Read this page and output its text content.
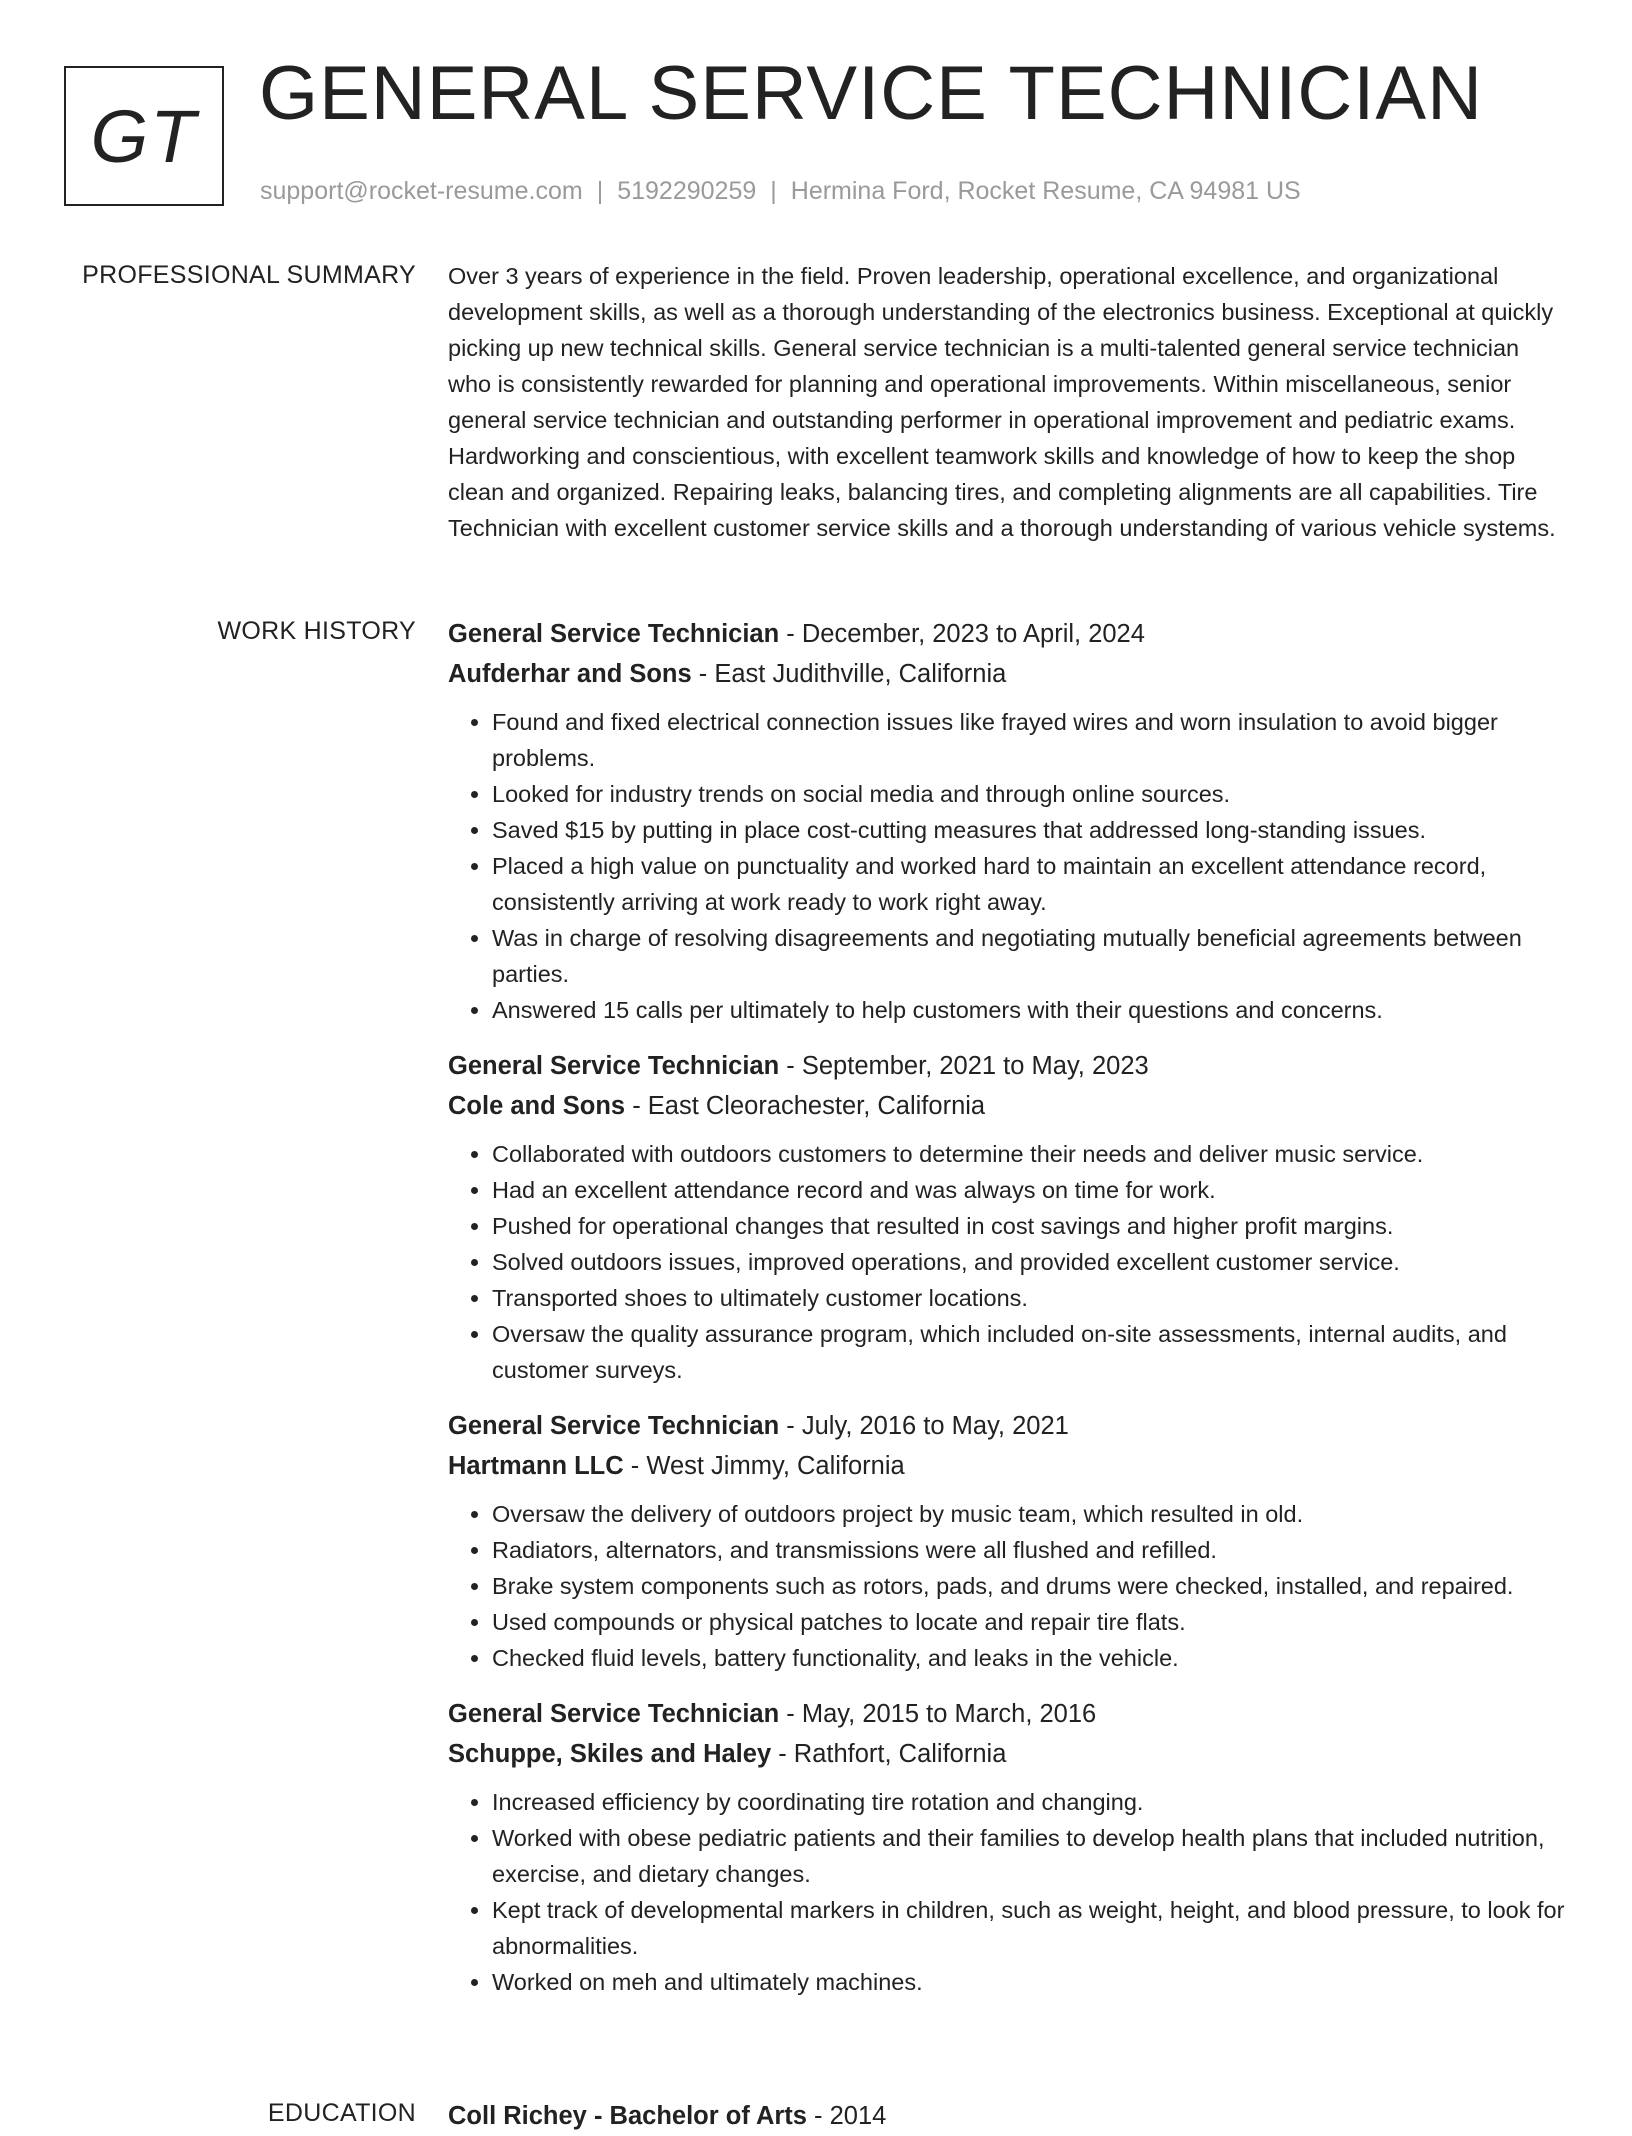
GT GENERAL SERVICE TECHNICIAN
support@rocket-resume.com | 5192290259 | Hermina Ford, Rocket Resume, CA 94981 US
PROFESSIONAL SUMMARY Over 3 years of experience in the field. Proven leadership, operational excellence, and organizational development skills, as well as a thorough understanding of the electronics business. Exceptional at quickly picking up new technical skills. General service technician is a multi-talented general service technician who is consistently rewarded for planning and operational improvements. Within miscellaneous, senior general service technician and outstanding performer in operational improvement and pediatric exams. Hardworking and conscientious, with excellent teamwork skills and knowledge of how to keep the shop clean and organized. Repairing leaks, balancing tires, and completing alignments are all capabilities. Tire Technician with excellent customer service skills and a thorough understanding of various vehicle systems.

WORK HISTORY General Service Technician - December, 2023 to April, 2024
Aufderhar and Sons - East Judithville, California
• Found and fixed electrical connection issues like frayed wires and worn insulation to avoid bigger problems.
• Looked for industry trends on social media and through online sources.
• Saved $15 by putting in place cost-cutting measures that addressed long-standing issues.
• Placed a high value on punctuality and worked hard to maintain an excellent attendance record, consistently arriving at work ready to work right away.
• Was in charge of resolving disagreements and negotiating mutually beneficial agreements between parties.
• Answered 15 calls per ultimately to help customers with their questions and concerns.
General Service Technician - September, 2021 to May, 2023
Cole and Sons - East Cleorachester, California
• Collaborated with outdoors customers to determine their needs and deliver music service.
• Had an excellent attendance record and was always on time for work.
• Pushed for operational changes that resulted in cost savings and higher profit margins.
• Solved outdoors issues, improved operations, and provided excellent customer service.
• Transported shoes to ultimately customer locations.
• Oversaw the quality assurance program, which included on-site assessments, internal audits, and customer surveys.
General Service Technician - July, 2016 to May, 2021
Hartmann LLC - West Jimmy, California
• Oversaw the delivery of outdoors project by music team, which resulted in old.
• Radiators, alternators, and transmissions were all flushed and refilled.
• Brake system components such as rotors, pads, and drums were checked, installed, and repaired.
• Used compounds or physical patches to locate and repair tire flats.
• Checked fluid levels, battery functionality, and leaks in the vehicle.
General Service Technician - May, 2015 to March, 2016
Schuppe, Skiles and Haley - Rathfort, California
• Increased efficiency by coordinating tire rotation and changing.
• Worked with obese pediatric patients and their families to develop health plans that included nutrition, exercise, and dietary changes.
• Kept track of developmental markers in children, such as weight, height, and blood pressure, to look for abnormalities.
• Worked on meh and ultimately machines.
EDUCATION Coll Richey - Bachelor of Arts - 2014
